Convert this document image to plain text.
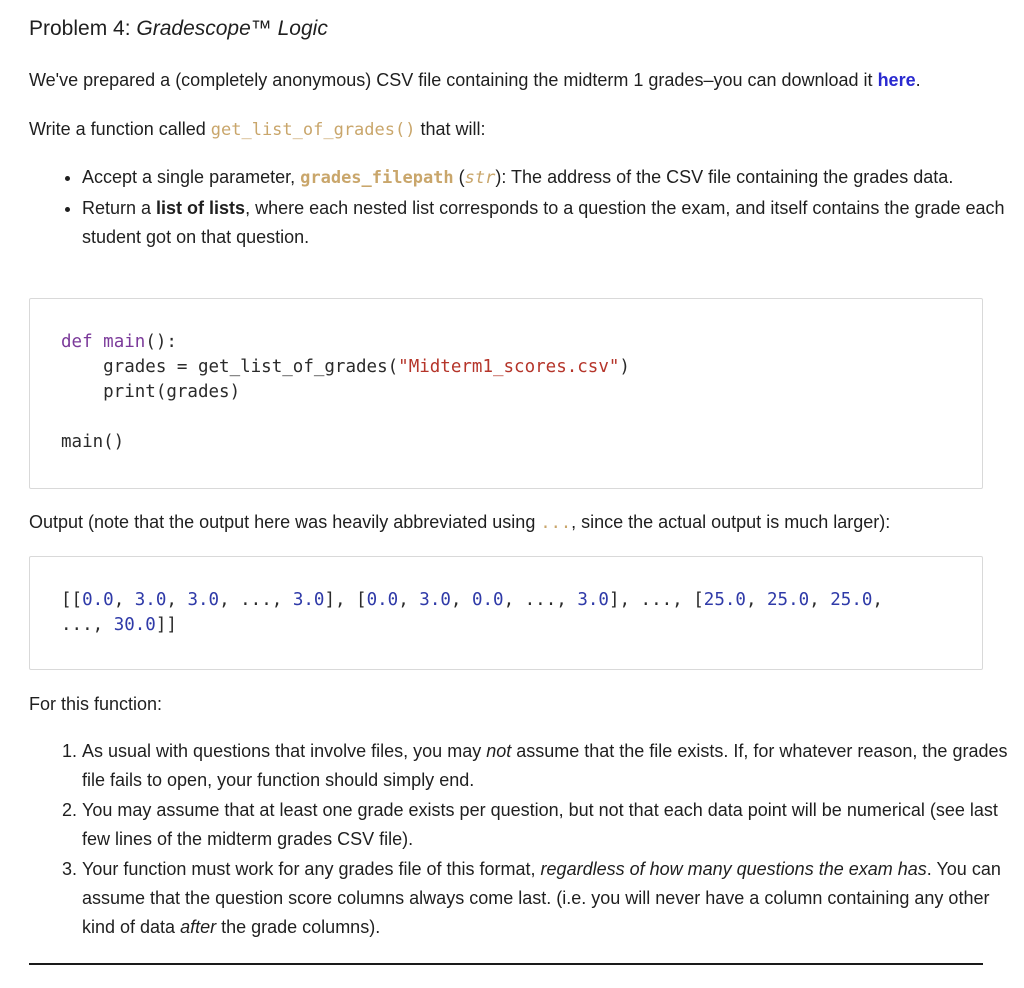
Problem 4: Gradescope™ Logic

We've prepared a (completely anonymous) CSV file containing the midterm 1 grades–you can download it here.

Write a function called get_list_of_grades() that will:

• Accept a single parameter, grades_filepath (str): The address of the CSV file containing the grades data.
• Return a list of lists, where each nested list corresponds to a question the exam, and itself contains the grade each student got on that question.
def main():
grades = get_list_of_grades("Midterm1_scores.csv")
print(grades)

main()

Output (note that the output here was heavily abbreviated using ..., since the actual output is much larger):

[[0.0, 3.0, 3.0, ..., 3.0], [0.0, 3.0, 0.0, ..., 3.0], ..., [25.0, 25.0, 25.0,
..., 30.0]]

For this function:

1. As usual with questions that involve files, you may not assume that the file exists. If, for whatever reason, the grades file fails to open, your function should simply end.
2. You may assume that at least one grade exists per question, but not that each data point will be numerical (see last few lines of the midterm grades CSV file).
3. Your function must work for any grades file of this format, regardless of how many questions the exam has. You can assume that the question score columns always come last. (i.e. you will never have a column containing any other kind of data after the grade columns).
